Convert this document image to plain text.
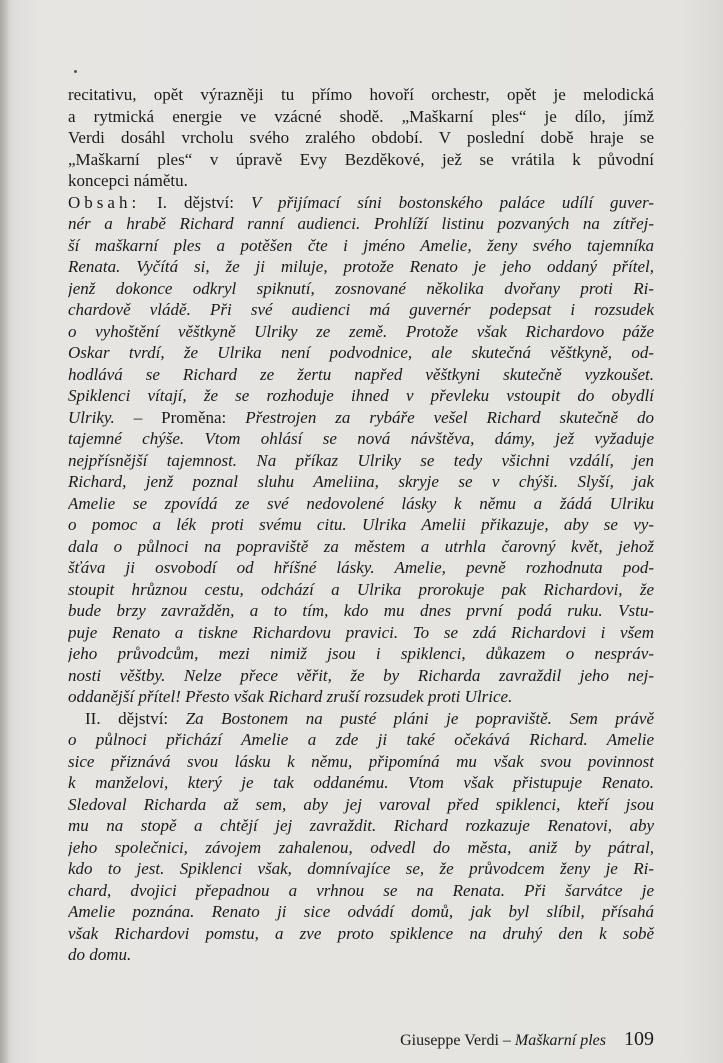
recitativu, opět výrazněji tu přímo hovoří orchestr, opět je melodická
a rytmická energie ve vzácné shodě. „Maškarní ples“ je dílo, jímž
Verdi dosáhl vrcholu svého zralého období. V poslední době hraje se
„Maškarní ples“ v úpravě Evy Bezděkové, jež se vrátila k původní
koncepci námětu.
Obsah: I. dějství: V přijímací síni bostonského paláce udílí guver-
nér a hrabě Richard ranní audienci. Prohlíží listinu pozvaných na zítřej-
ší maškarní ples a potěšen čte i jméno Amelie, ženy svého tajemníka
Renata. Vyčítá si, že ji miluje, protože Renato je jeho oddaný přítel,
jenž dokonce odkryl spiknutí, zosnované několika dvořany proti Ri-
chardově vládě. Při své audienci má guvernér podepsat i rozsudek
o vyhoštění věštkyně Ulriky ze země. Protože však Richardovo páže
Oskar tvrdí, že Ulrika není podvodnice, ale skutečná věštkyně, od-
hodlává se Richard ze žertu napřed věštkyni skutečně vyzkoušet.
Spiklenci vítají, že se rozhoduje ihned v převleku vstoupit do obydlí
Ulriky. – Proměna: Přestrojen za rybáře vešel Richard skutečně do
tajemné chýše. Vtom ohlásí se nová návštěva, dámy, jež vyžaduje
nejpřísnější tajemnost. Na příkaz Ulriky se tedy všichni vzdálí, jen
Richard, jenž poznal sluhu Ameliina, skryje se v chýši. Slyší, jak
Amelie se zpovídá ze své nedovolené lásky k němu a žádá Ulriku
o pomoc a lék proti svému citu. Ulrika Amelii přikazuje, aby se vy-
dala o půlnoci na popraviště za městem a utrhla čarovný květ, jehož
šťáva ji osvobodí od hříšné lásky. Amelie, pevně rozhodnuta pod-
stoupit hrůznou cestu, odchází a Ulrika prorokuje pak Richardovi, že
bude brzy zavražděn, a to tím, kdo mu dnes první podá ruku. Vstu-
puje Renato a tiskne Richardovu pravici. To se zdá Richardovi i všem
jeho průvodcům, mezi nimiž jsou i spiklenci, důkazem o nespráv-
nosti věštby. Nelze přece věřit, že by Richarda zavraždil jeho nej-
oddanější přítel! Přesto však Richard zruší rozsudek proti Ulrice.
II. dějství: Za Bostonem na pusté pláni je popraviště. Sem právě
o půlnoci přichází Amelie a zde ji také očekává Richard. Amelie
sice přiznává svou lásku k němu, připomíná mu však svou povinnost
k manželovi, který je tak oddanému. Vtom však přistupuje Renato.
Sledoval Richarda až sem, aby jej varoval před spiklenci, kteří jsou
mu na stopě a chtějí jej zavraždit. Richard rozkazuje Renatovi, aby
jeho společnici, závojem zahalenou, odvedl do města, aniž by pátral,
kdo to jest. Spiklenci však, domnívajíce se, že průvodcem ženy je Ri-
chard, dvojici přepadnou a vrhnou se na Renata. Při šarvátce je
Amelie poznána. Renato ji sice odvádí domů, jak byl slíbil, přísahá
však Richardovi pomstu, a zve proto spiklence na druhý den k sobě
do domu.
Giuseppe Verdi – Maškarní ples 109
